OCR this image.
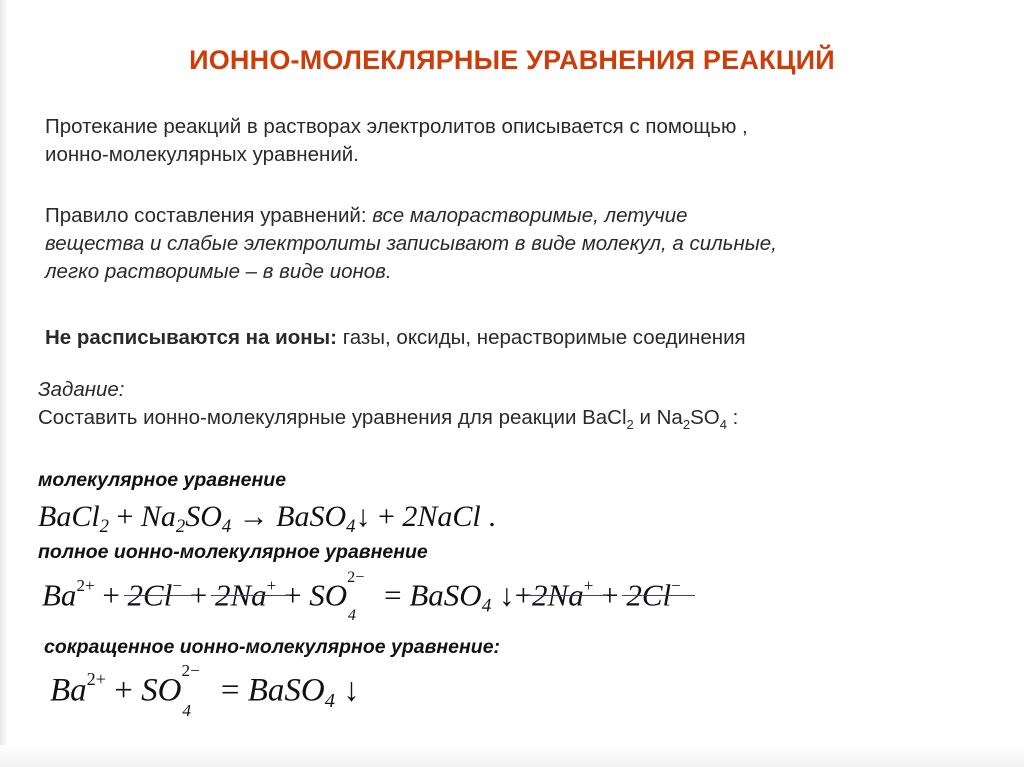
ИОННО-МОЛЕКЛЯРНЫЕ УРАВНЕНИЯ РЕАКЦИЙ
Протекание реакций в растворах электролитов описывается с помощью ,
ионно-молекулярных уравнений.
Правило составления уравнений: все малорастворимые, летучие
вещества и слабые электролиты записывают в виде молекул, а сильные,
легко растворимые – в виде ионов.
Не расписываются на ионы: газы, оксиды, нерастворимые соединения
Задание:
Составить ионно-молекулярные уравнения для реакции BaCl$_2$ и $Na_2SO_4$ :
молекулярное уравнение
BaCl2 + Na2SO4 → BaSO4↓ + 2NaCl .
полное ионно-молекулярное уравнение
$Ba^{2+} + 2Cl^- + 2Na^+$ + SO
2−
4
= BaSO4 ↓+2Na+ + 2Cl−
сокращенное ионно-молекулярное уравнение:
$Ba^{2+}$ + SO
2−
4
= BaSO4 ↓
